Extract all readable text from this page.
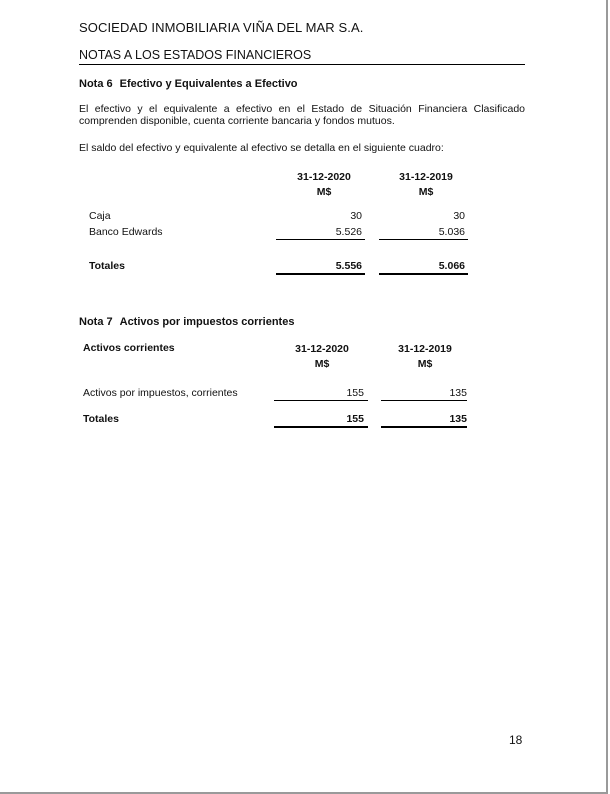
SOCIEDAD INMOBILIARIA VIÑA DEL MAR S.A.
NOTAS A LOS ESTADOS FINANCIEROS
Nota 6 Efectivo y Equivalentes a Efectivo
El efectivo y el equivalente a efectivo en el Estado de Situación Financiera Clasificado
comprenden disponible, cuenta corriente bancaria y fondos mutuos.
El saldo del efectivo y equivalente al efectivo se detalla en el siguiente cuadro:
31-12-2020
M$
31-12-2019
M$
Caja	30	30
Banco Edwards	5.526	5.036
Totales	5.556	5.066
Nota 7 Activos por impuestos corrientes
Activos corrientes	31-12-2020
M$
31-12-2019
M$
Activos por impuestos, corrientes	155	135
Totales	155	135
18
